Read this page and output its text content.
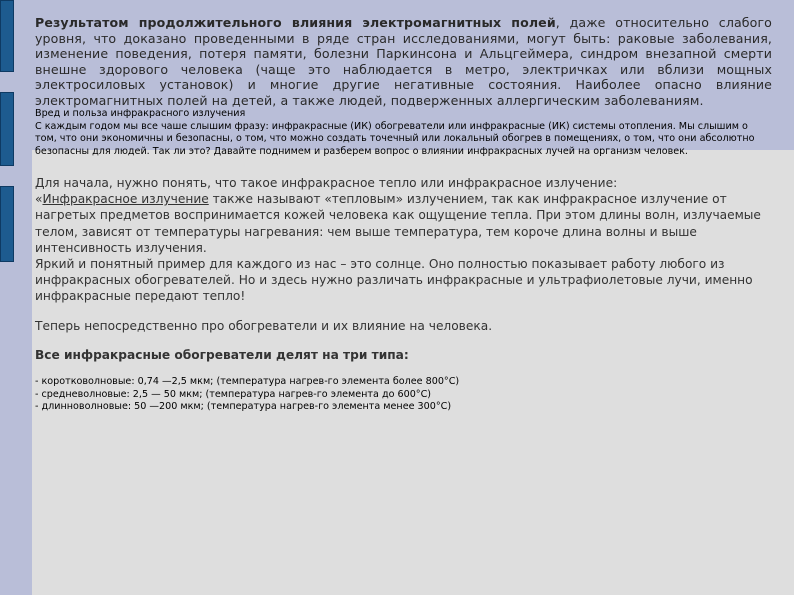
Результатом продолжительного влияния электромагнитных полей, даже относительно слабого уровня, что доказано проведенными в ряде стран исследованиями, могут быть: раковые заболевания, изменение поведения, потеря памяти, болезни Паркинсона и Альцгеймера, синдром внезапной смерти внешне здорового человека (чаще это наблюдается в метро, электричках или вблизи мощных электросиловых установок) и многие другие негативные состояния. Наиболее опасно влияние электромагнитных полей на детей, а также людей, подверженных аллергическим заболеваниям.

Вред и польза инфракрасного излучения

С каждым годом мы все чаше слышим фразу: инфракрасные (ИК) обогреватели или инфракрасные (ИК) системы отопления. Мы слышим о том, что они экономичны и безопасны, о том, что можно создать точечный или локальный обогрев в помещениях, о том, что они абсолютно безопасны для людей. Так ли это? Давайте поднимем и разберем вопрос о влиянии инфракрасных лучей на организм человек.

Для начала, нужно понять, что такое инфракрасное тепло или инфракрасное излучение:
«Инфракрасное излучение также называют «тепловым» излучением, так как инфракрасное излучение от нагретых предметов воспринимается кожей человека как ощущение тепла. При этом длины волн, излучаемые телом, зависят от температуры нагревания: чем выше температура, тем короче длина волны и выше интенсивность излучения.

Яркий и понятный пример для каждого из нас – это солнце. Оно полностью показывает работу любого из инфракрасных обогревателей. Но и здесь нужно различать инфракрасные и ультрафиолетовые лучи, именно инфракрасные передают тепло!

Теперь непосредственно про обогреватели и их влияние на человека.

Все инфракрасные обогреватели делят на три типа:

- коротковолновые: 0,74 —2,5 мкм; (температура нагрев-го элемента более 800°С)

- средневолновые: 2,5 — 50 мкм; (температура нагрев-го элемента до 600°С)

- длинноволновые: 50 —200 мкм; (температура нагрев-го элемента менее 300°С)
